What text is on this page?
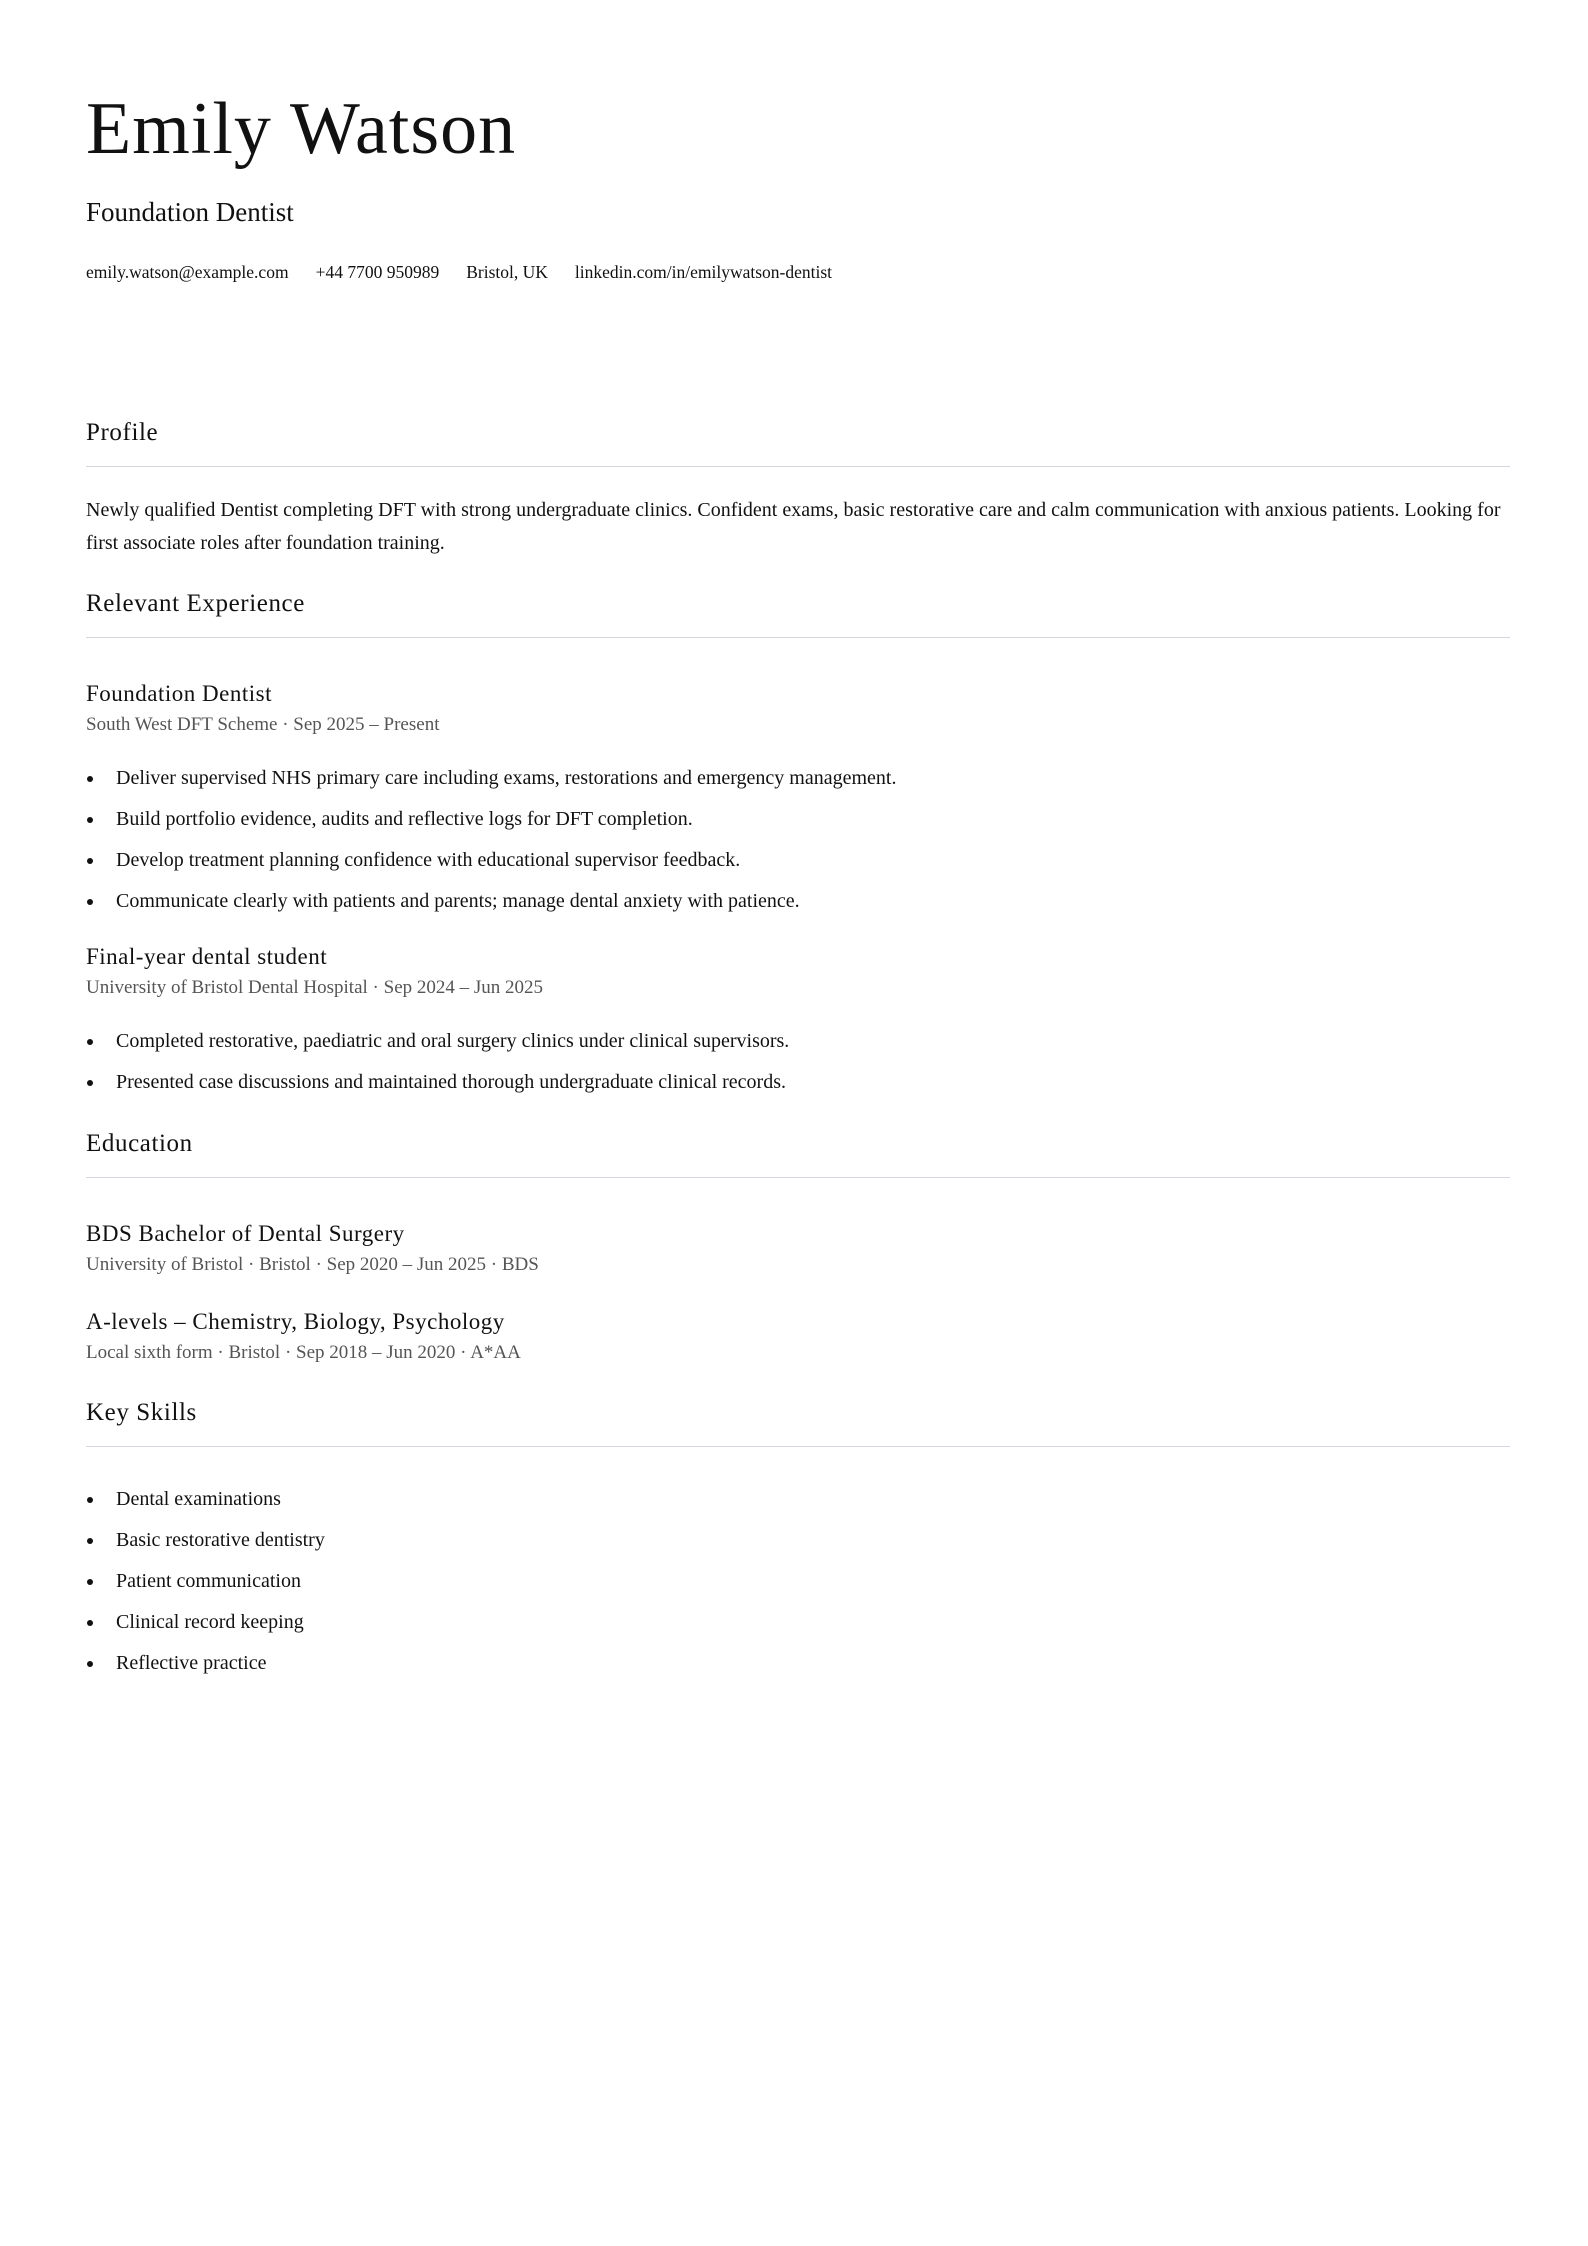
Emily Watson
Foundation Dentist
emily.watson@example.com +44 7700 950989 Bristol, UK linkedin.com/in/emilywatson-dentist
Profile

Newly qualified Dentist completing DFT with strong undergraduate clinics. Confident exams, basic restorative care and calm communication with anxious patients. Looking for first associate roles after foundation training.

Relevant Experience
Foundation Dentist
South West DFT Scheme · Sep 2025 – Present
Deliver supervised NHS primary care including exams, restorations and emergency management.
Build portfolio evidence, audits and reflective logs for DFT completion.
Develop treatment planning confidence with educational supervisor feedback.
Communicate clearly with patients and parents; manage dental anxiety with patience.
Final-year dental student
University of Bristol Dental Hospital · Sep 2024 – Jun 2025
Completed restorative, paediatric and oral surgery clinics under clinical supervisors.
Presented case discussions and maintained thorough undergraduate clinical records.
Education
BDS Bachelor of Dental Surgery
University of Bristol · Bristol · Sep 2020 – Jun 2025 · BDS
A-levels – Chemistry, Biology, Psychology
Local sixth form · Bristol · Sep 2018 – Jun 2020 · A*AA
Key Skills
Dental examinations
Basic restorative dentistry
Patient communication
Clinical record keeping
Reflective practice
